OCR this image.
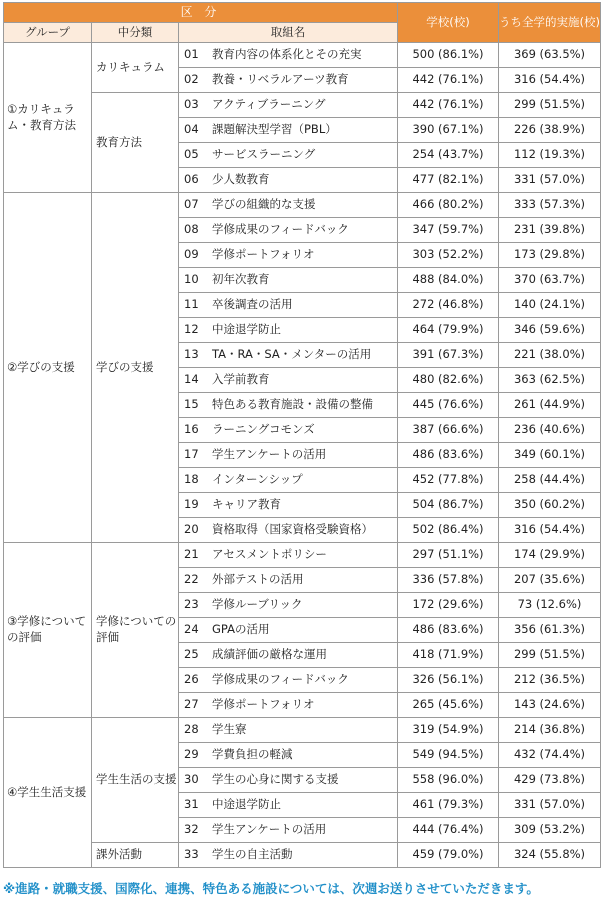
区 分			学校(校)	うち全学的実施(校)
グループ	中分類	取組名		
①カリキュラム・教育方法	カリキュラム	01 教育内容の体系化とその充実	500 (86.1%)	369 (63.5%)
		02 教養・リベラルアーツ教育	442 (76.1%)	316 (54.4%)
	教育方法	03 アクティブラーニング	442 (76.1%)	299 (51.5%)
		04 課題解決型学習（PBL）	390 (67.1%)	226 (38.9%)
		05 サービスラーニング	254 (43.7%)	112 (19.3%)
		06 少人数教育	477 (82.1%)	331 (57.0%)
②学びの支援	学びの支援	07 学びの組織的な支援	466 (80.2%)	333 (57.3%)
		08 学修成果のフィードバック	347 (59.7%)	231 (39.8%)
		09 学修ポートフォリオ	303 (52.2%)	173 (29.8%)
		10 初年次教育	488 (84.0%)	370 (63.7%)
		11 卒後調査の活用	272 (46.8%)	140 (24.1%)
		12 中途退学防止	464 (79.9%)	346 (59.6%)
		13 TA・RA・SA・メンターの活用	391 (67.3%)	221 (38.0%)
		14 入学前教育	480 (82.6%)	363 (62.5%)
		15 特色ある教育施設・設備の整備	445 (76.6%)	261 (44.9%)
		16 ラーニングコモンズ	387 (66.6%)	236 (40.6%)
		17 学生アンケートの活用	486 (83.6%)	349 (60.1%)
		18 インターンシップ	452 (77.8%)	258 (44.4%)
		19 キャリア教育	504 (86.7%)	350 (60.2%)
		20 資格取得（国家資格受験資格）	502 (86.4%)	316 (54.4%)
③学修についての評価	学修についての評価	21 アセスメントポリシー	297 (51.1%)	174 (29.9%)
		22 外部テストの活用	336 (57.8%)	207 (35.6%)
		23 学修ルーブリック	172 (29.6%)	73 (12.6%)
		24 GPAの活用	486 (83.6%)	356 (61.3%)
		25 成績評価の厳格な運用	418 (71.9%)	299 (51.5%)
		26 学修成果のフィードバック	326 (56.1%)	212 (36.5%)
		27 学修ポートフォリオ	265 (45.6%)	143 (24.6%)
④学生生活支援	学生生活の支援	28 学生寮	319 (54.9%)	214 (36.8%)
		29 学費負担の軽減	549 (94.5%)	432 (74.4%)
		30 学生の心身に関する支援	558 (96.0%)	429 (73.8%)
		31 中途退学防止	461 (79.3%)	331 (57.0%)
		32 学生アンケートの活用	444 (76.4%)	309 (53.2%)
	課外活動	33 学生の自主活動	459 (79.0%)	324 (55.8%)

※進路・就職支援、国際化、連携、特色ある施設については、次週お送りさせていただきます。
